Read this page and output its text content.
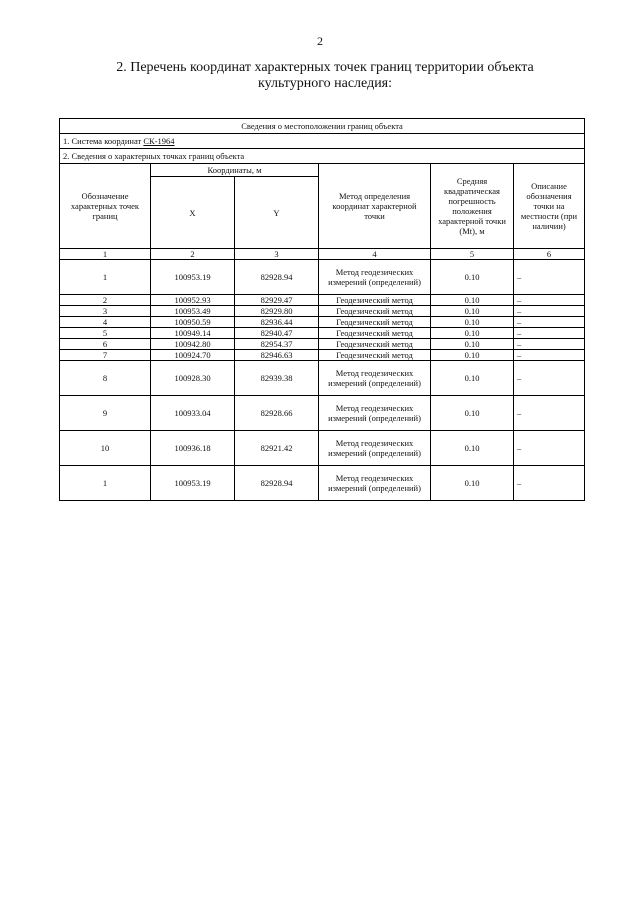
2
2. Перечень координат характерных точек границ территории объекта культурного наследия:
Сведения о местоположении границ объекта					
1. Система координат СК-1964					
2. Сведения о характерных точках границ объекта					
Обозначение характерных точек границ	Координаты, м		Метод определения координат характерной точки	Средняя квадратическая погрешность положения характерной точки (Mt), м	Описание обозначения точки на местности (при наличии)
	X	Y			
1	2	3	4	5	6
1	100953.19	82928.94	Метод геодезических измерений (определений)	0.10	–
2	100952.93	82929.47	Геодезический метод	0.10	–
3	100953.49	82929.80	Геодезический метод	0.10	–
4	100950.59	82936.44	Геодезический метод	0.10	–
5	100949.14	82940.47	Геодезический метод	0.10	–
6	100942.80	82954.37	Геодезический метод	0.10	–
7	100924.70	82946.63	Геодезический метод	0.10	–
8	100928.30	82939.38	Метод геодезических измерений (определений)	0.10	–
9	100933.04	82928.66	Метод геодезических измерений (определений)	0.10	–
10	100936.18	82921.42	Метод геодезических измерений (определений)	0.10	–
1	100953.19	82928.94	Метод геодезических измерений (определений)	0.10	–
